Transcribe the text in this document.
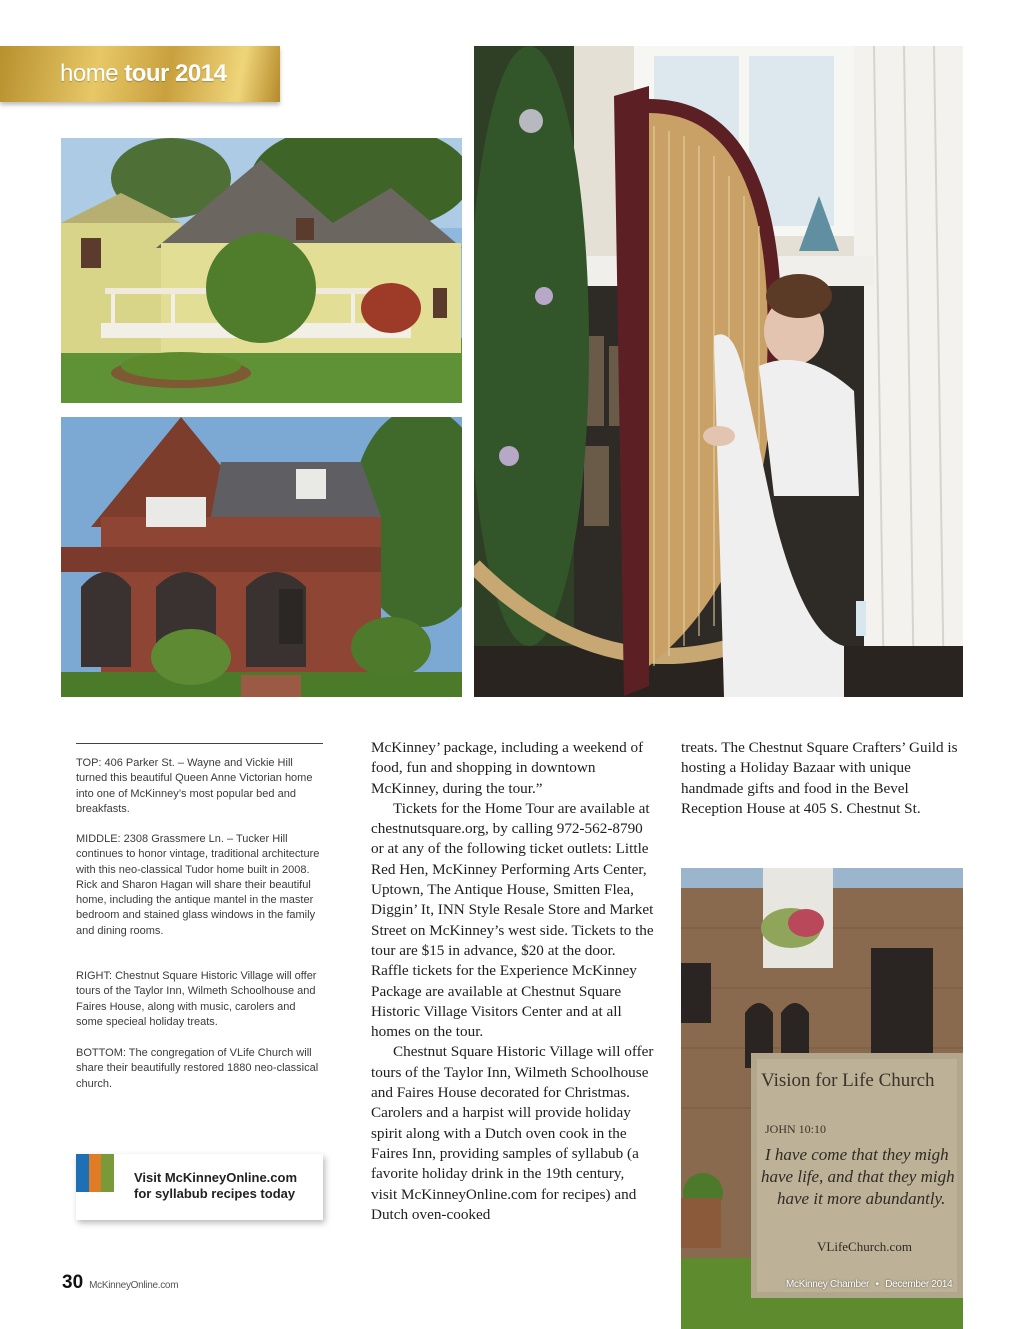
home tour 2014
TOP: 406 Parker St. – Wayne and Vickie Hill turned this beautiful Queen Anne Victorian home into one of McKinney’s most popular bed and breakfasts.
MIDDLE: 2308 Grassmere Ln. – Tucker Hill continues to honor vintage, traditional architecture with this neo-classical Tudor home built in 2008. Rick and Sharon Hagan will share their beautiful home, including the antique mantel in the master bedroom and stained glass windows in the family and dining rooms.
RIGHT: Chestnut Square Historic Village will offer tours of the Taylor Inn, Wilmeth Schoolhouse and Faires House, along with music, carolers and some specieal holiday treats.
BOTTOM: The congregation of VLife Church will share their beautifully restored 1880 neo-classical church.
Visit McKinneyOnline.com
for syllabub recipes today

McKinney’ package, including a weekend of food, fun and shopping in downtown McKinney, during the tour.”

Tickets for the Home Tour are available at chestnutsquare.org, by calling 972-562-8790 or at any of the following ticket outlets: Little Red Hen, McKinney Performing Arts Center, Uptown, The Antique House, Smitten Flea, Diggin’ It, INN Style Resale Store and Market Street on McKinney’s west side. Tickets to the tour are $15 in advance, $20 at the door. Raffle tickets for the Experience McKinney Package are available at Chestnut Square Historic Village Visitors Center and at all homes on the tour.

Chestnut Square Historic Village will offer tours of the Taylor Inn, Wilmeth Schoolhouse and Faires House decorated for Christmas. Carolers and a harpist will provide holiday spirit along with a Dutch oven cook in the Faires Inn, providing samples of syllabub (a favorite holiday drink in the 19th century, visit McKinneyOnline.com for recipes) and Dutch oven-cooked

treats. The Chestnut Square Crafters’ Guild is hosting a Holiday Bazaar with unique handmade gifts and food in the Bevel Reception House at 405 S. Chestnut St.

Vision for Life Church
JOHN 10:10
I have come that they migh
have life, and that they migh
have it more abundantly.
VLifeChurch.com
30 McKinneyOnline.com	McKinney Chamber • December 2014
